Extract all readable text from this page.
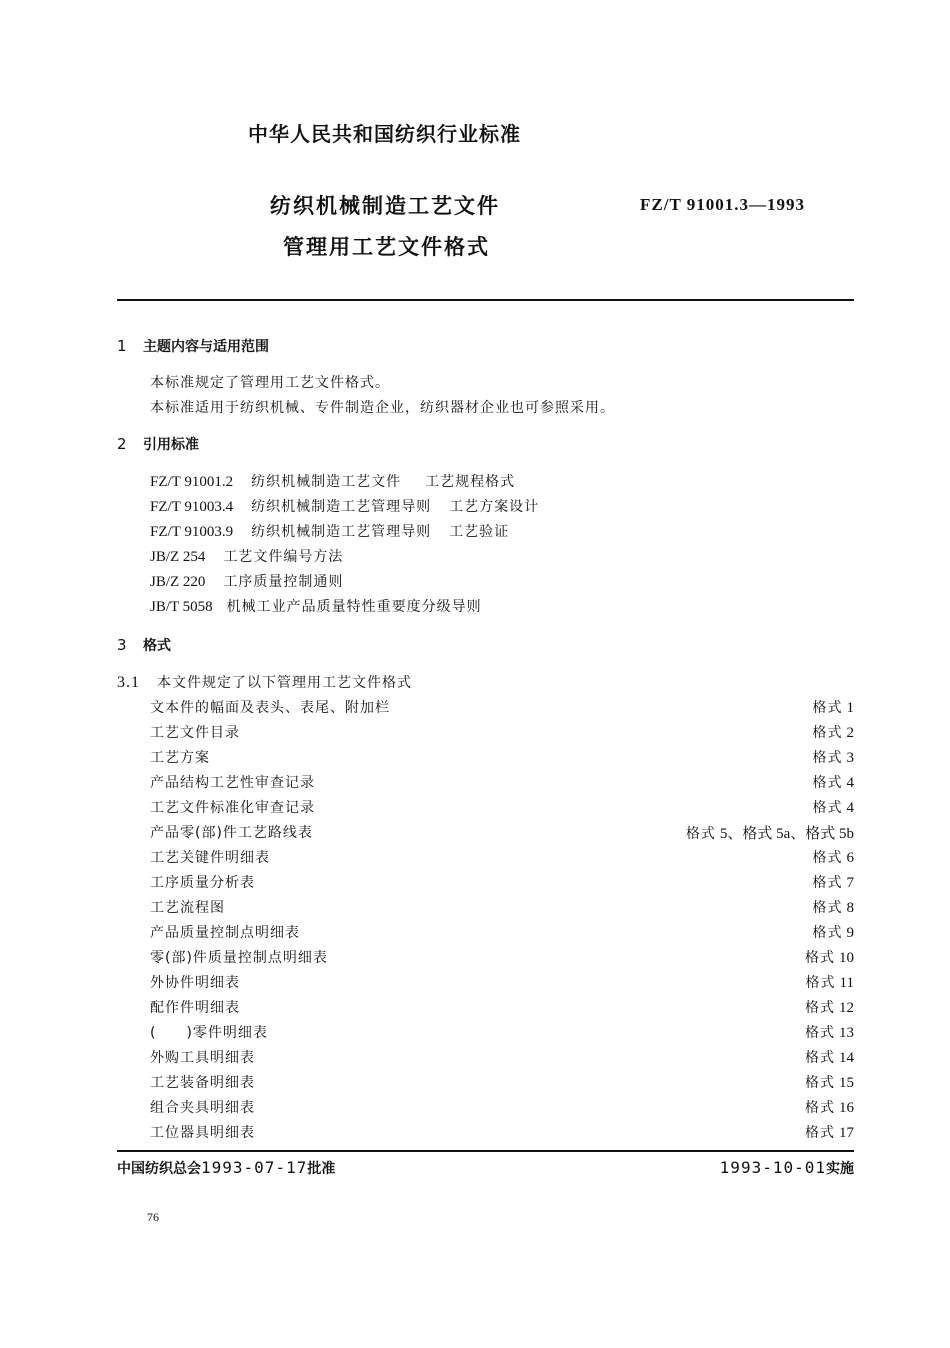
中华人民共和国纺织行业标准
纺织机械制造工艺文件
管理用工艺文件格式
FZ/T 91001.3—1993
1 主题内容与适用范围
本标准规定了管理用工艺文件格式。
本标准适用于纺织机械、专件制造企业，纺织器材企业也可参照采用。
2 引用标准
FZ/T 91001.2 纺织机械制造工艺文件 工艺规程格式
FZ/T 91003.4 纺织机械制造工艺管理导则 工艺方案设计
FZ/T 91003.9 纺织机械制造工艺管理导则 工艺验证
JB/Z 254 工艺文件编号方法
JB/Z 220 工序质量控制通则
JB/T 5058 机械工业产品质量特性重要度分级导则
3 格式
3.1 本文件规定了以下管理用工艺文件格式
文本件的幅面及表头、表尾、附加栏	格式 1
工艺文件目录	格式 2
工艺方案	格式 3
产品结构工艺性审查记录	格式 4
工艺文件标准化审查记录	格式 4
产品零(部)件工艺路线表	格式 5、格式 5a、格式 5b
工艺关键件明细表	格式 6
工序质量分析表	格式 7
工艺流程图	格式 8
产品质量控制点明细表	格式 9
零(部)件质量控制点明细表	格式 10
外协件明细表	格式 11
配作件明细表	格式 12
(　　)零件明细表	格式 13
外购工具明细表	格式 14
工艺装备明细表	格式 15
组合夹具明细表	格式 16
工位器具明细表	格式 17
中国纺织总会1993-07-17批准	1993-10-01实施
76
